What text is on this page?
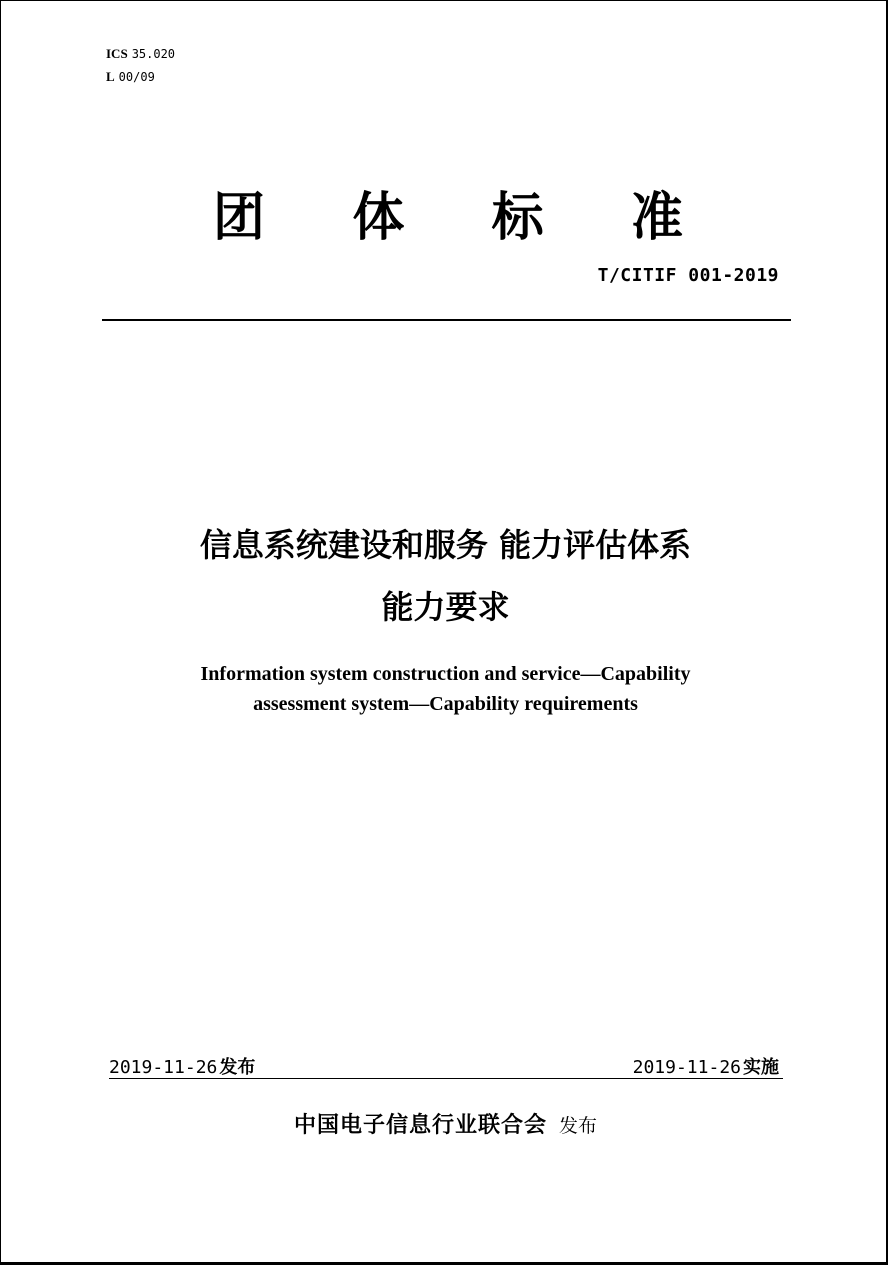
ICS 35.020
L 00/09
团 体 标 准
T/CITIF 001-2019
信息系统建设和服务 能力评估体系
能力要求
Information system construction and service—Capability
assessment system—Capability requirements
2019-11-26 发布	2019-11-26 实施
中国电子信息行业联合会 发布
